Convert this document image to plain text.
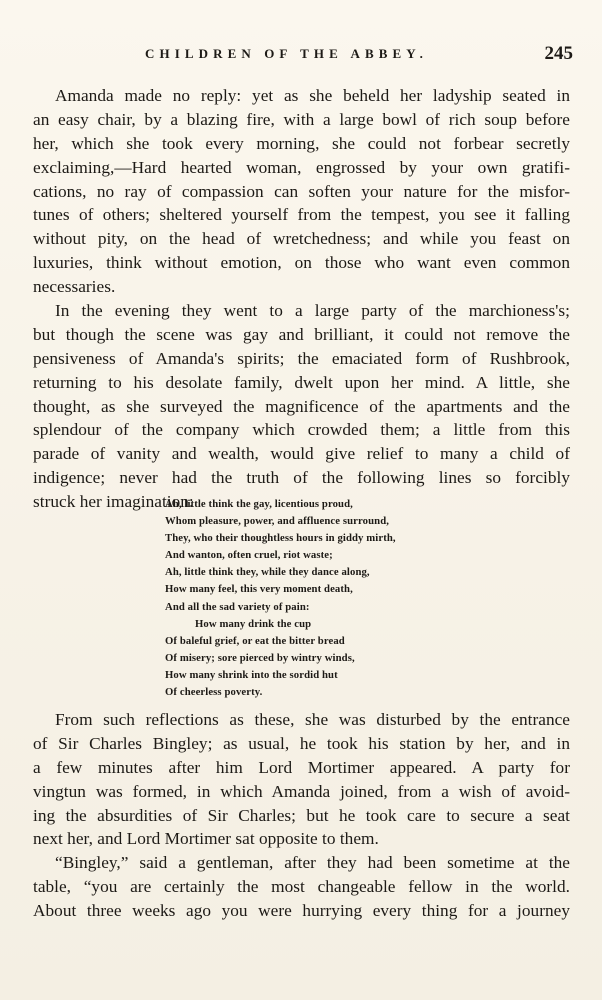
CHILDREN OF THE ABBEY.	245
Amanda made no reply: yet as she beheld her ladyship seated in
an easy chair, by a blazing fire, with a large bowl of rich soup before
her, which she took every morning, she could not forbear secretly
exclaiming,—Hard hearted woman, engrossed by your own gratifi-
cations, no ray of compassion can soften your nature for the misfor-
tunes of others; sheltered yourself from the tempest, you see it falling
without pity, on the head of wretchedness; and while you feast on
luxuries, think without emotion, on those who want even common
necessaries.
In the evening they went to a large party of the marchioness's;
but though the scene was gay and brilliant, it could not remove the
pensiveness of Amanda's spirits; the emaciated form of Rushbrook,
returning to his desolate family, dwelt upon her mind. A little, she
thought, as she surveyed the magnificence of the apartments and the
splendour of the company which crowded them; a little from this
parade of vanity and wealth, would give relief to many a child of
indigence; never had the truth of the following lines so forcibly
struck her imagination:
Ah, little think the gay, licentious proud,
Whom pleasure, power, and affluence surround,
They, who their thoughtless hours in giddy mirth,
And wanton, often cruel, riot waste;
Ah, little think they, while they dance along,
How many feel, this very moment death,
And all the sad variety of pain:
How many drink the cup
Of baleful grief, or eat the bitter bread
Of misery; sore pierced by wintry winds,
How many shrink into the sordid hut
Of cheerless poverty.
From such reflections as these, she was disturbed by the entrance
of Sir Charles Bingley; as usual, he took his station by her, and in
a few minutes after him Lord Mortimer appeared. A party for
vingtun was formed, in which Amanda joined, from a wish of avoid-
ing the absurdities of Sir Charles; but he took care to secure a seat
next her, and Lord Mortimer sat opposite to them.
“Bingley,” said a gentleman, after they had been sometime at the
table, “you are certainly the most changeable fellow in the world.
About three weeks ago you were hurrying every thing for a journey
